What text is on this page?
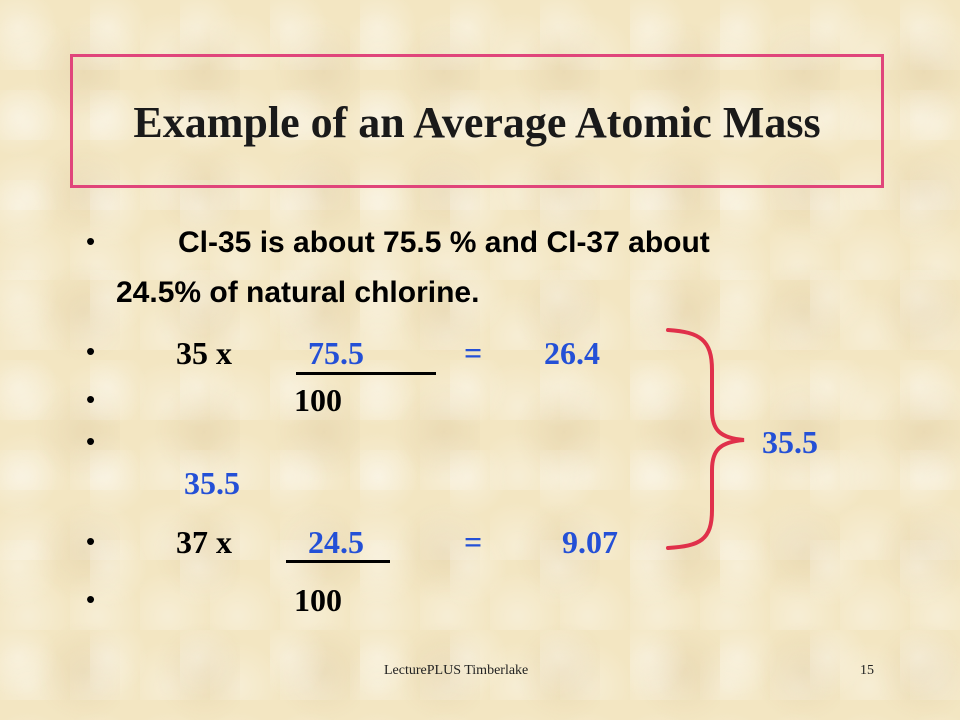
Example of an Average Atomic Mass
•	Cl-35 is about 75.5 % and Cl-37 about
24.5% of natural chlorine.
•	35 x 75.5	= 26.4
•	100
•	35.5
35.5
•	37 x 24.5	= 9.07
•	100
LecturePLUS Timberlake	15
